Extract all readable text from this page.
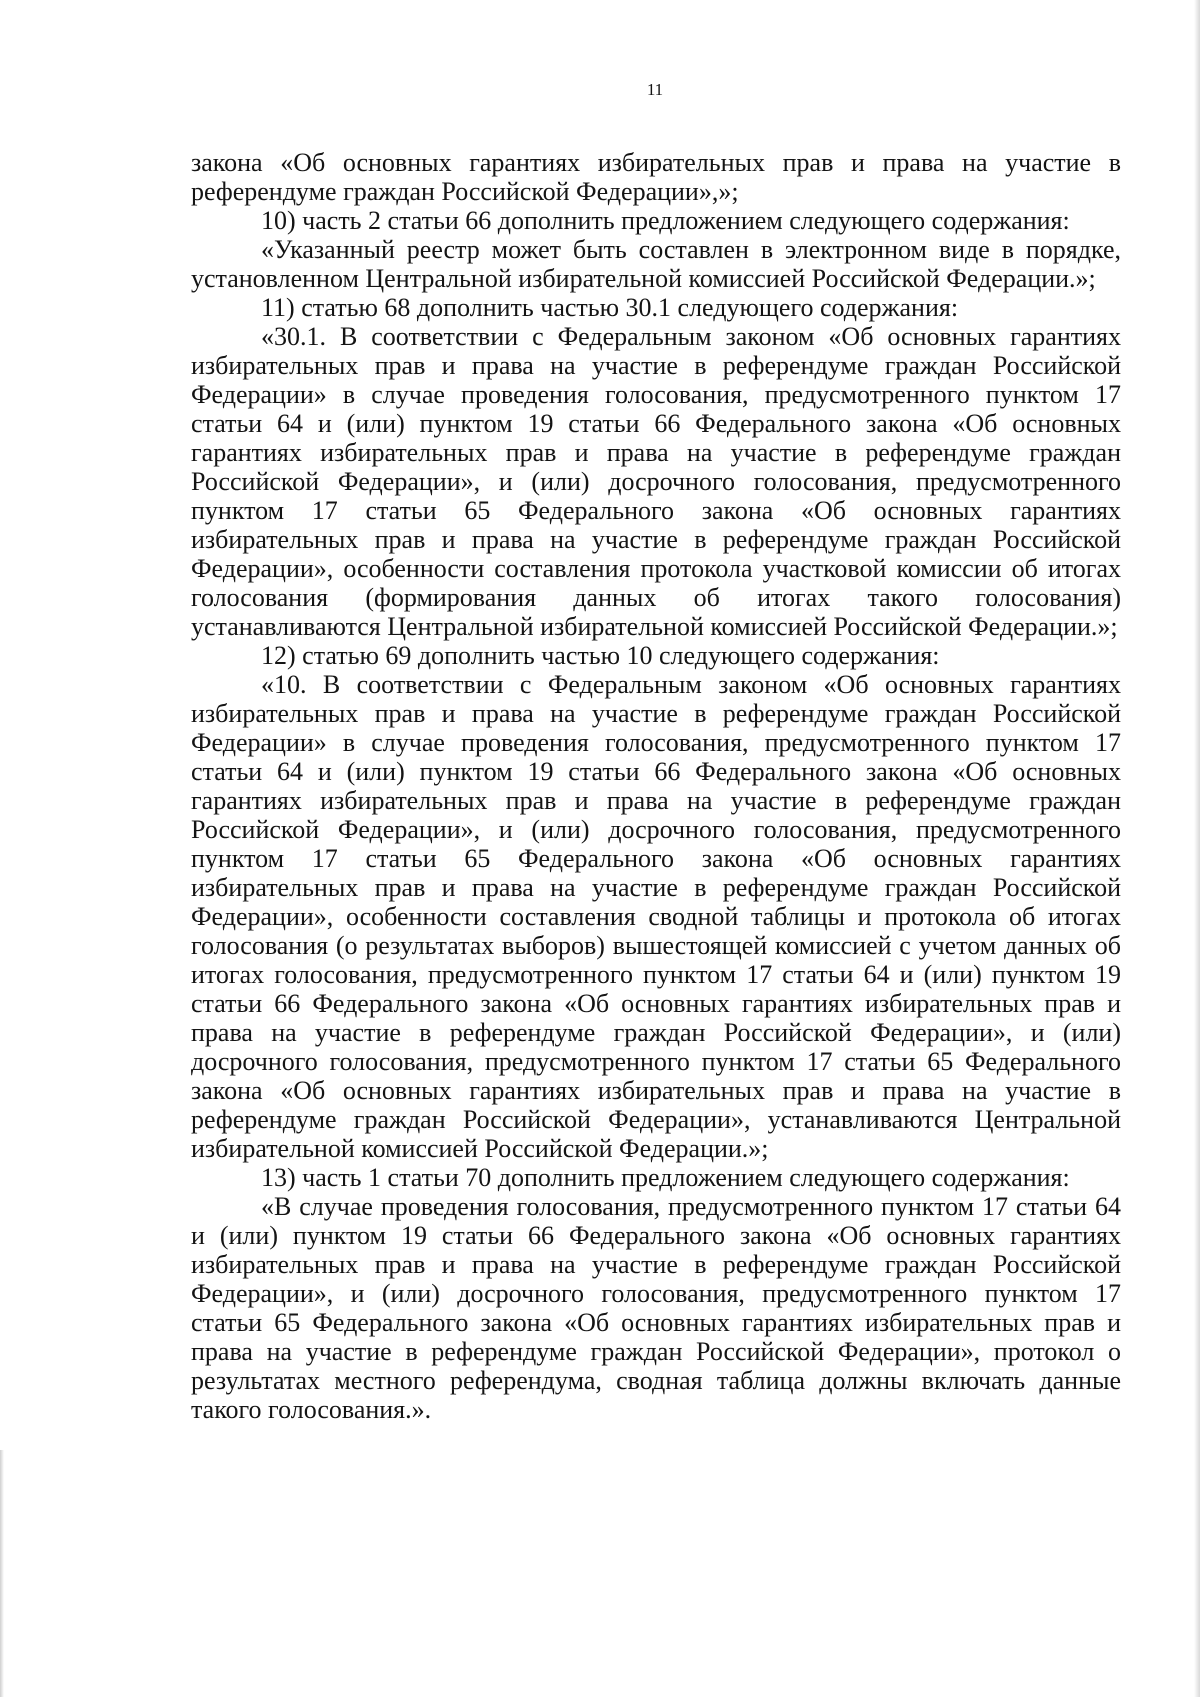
11

закона «Об основных гарантиях избирательных прав и права на участие в референдуме граждан Российской Федерации»,»;

10) часть 2 статьи 66 дополнить предложением следующего содержания:

«Указанный реестр может быть составлен в электронном виде в порядке, установленном Центральной избирательной комиссией Российской Федерации.»;

11) статью 68 дополнить частью 30.1 следующего содержания:

«30.1. В соответствии с Федеральным законом «Об основных гарантиях избирательных прав и права на участие в референдуме граждан Российской Федерации» в случае проведения голосования, предусмотренного пунктом 17 статьи 64 и (или) пунктом 19 статьи 66 Федерального закона «Об основных гарантиях избирательных прав и права на участие в референдуме граждан Российской Федерации», и (или) досрочного голосования, предусмотренного пунктом 17 статьи 65 Федерального закона «Об основных гарантиях избирательных прав и права на участие в референдуме граждан Российской Федерации», особенности составления протокола участковой комиссии об итогах голосования (формирования данных об итогах такого голосования) устанавливаются Центральной избирательной комиссией Российской Федерации.»;

12) статью 69 дополнить частью 10 следующего содержания:

«10. В соответствии с Федеральным законом «Об основных гарантиях избирательных прав и права на участие в референдуме граждан Российской Федерации» в случае проведения голосования, предусмотренного пунктом 17 статьи 64 и (или) пунктом 19 статьи 66 Федерального закона «Об основных гарантиях избирательных прав и права на участие в референдуме граждан Российской Федерации», и (или) досрочного голосования, предусмотренного пунктом 17 статьи 65 Федерального закона «Об основных гарантиях избирательных прав и права на участие в референдуме граждан Российской Федерации», особенности составления сводной таблицы и протокола об итогах голосования (о результатах выборов) вышестоящей комиссией с учетом данных об итогах голосования, предусмотренного пунктом 17 статьи 64 и (или) пунктом 19 статьи 66 Федерального закона «Об основных гарантиях избирательных прав и права на участие в референдуме граждан Российской Федерации», и (или) досрочного голосования, предусмотренного пунктом 17 статьи 65 Федерального закона «Об основных гарантиях избирательных прав и права на участие в референдуме граждан Российской Федерации», устанавливаются Центральной избирательной комиссией Российской Федерации.»;

13) часть 1 статьи 70 дополнить предложением следующего содержания:

«В случае проведения голосования, предусмотренного пунктом 17 статьи 64 и (или) пунктом 19 статьи 66 Федерального закона «Об основных гарантиях избирательных прав и права на участие в референдуме граждан Российской Федерации», и (или) досрочного голосования, предусмотренного пунктом 17 статьи 65 Федерального закона «Об основных гарантиях избирательных прав и права на участие в референдуме граждан Российской Федерации», протокол о результатах местного референдума, сводная таблица должны включать данные такого голосования.».
